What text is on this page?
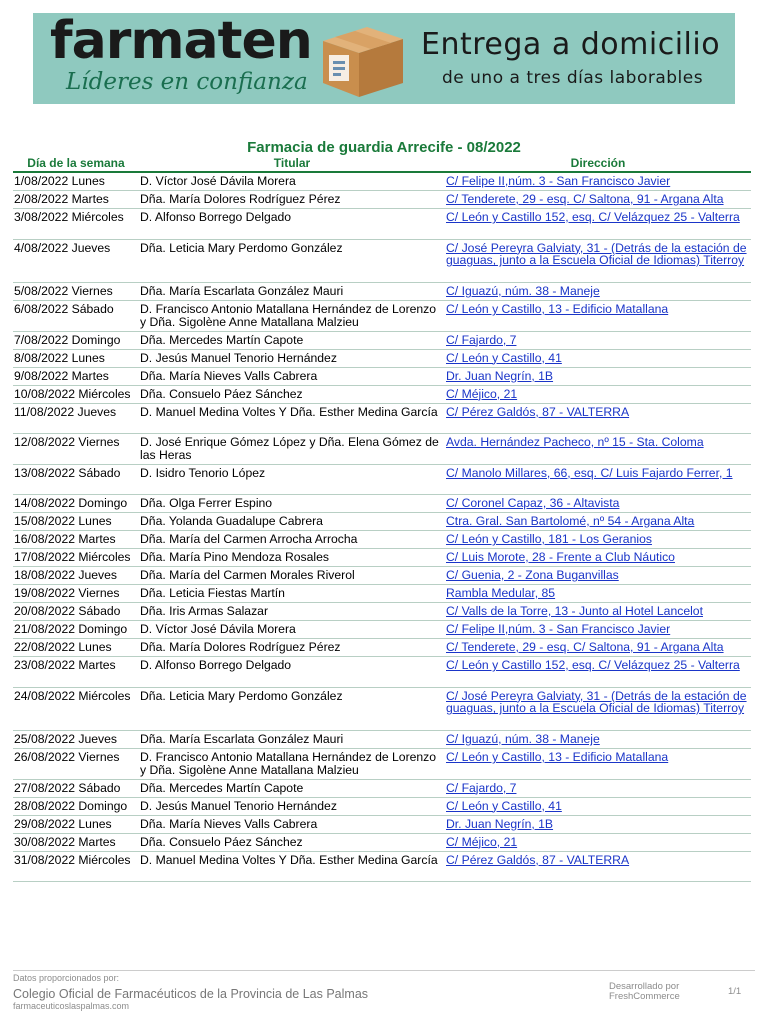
farmaten
Líderes en confianza
Entrega a domicilio
de uno a tres días laborables
Farmacia de guardia Arrecife - 08/2022
Día de la semana	Titular	Dirección
1/08/2022 Lunes	D. Víctor José Dávila Morera	C/ Felipe II,núm. 3 - San Francisco Javier
2/08/2022 Martes	Dña. María Dolores Rodríguez Pérez	C/ Tenderete, 29 - esq. C/ Saltona, 91 - Argana Alta
3/08/2022 Miércoles	D. Alfonso Borrego Delgado	C/ León y Castillo 152, esq. C/ Velázquez 25 - Valterra
4/08/2022 Jueves	Dña. Leticia Mary Perdomo González	C/ José Pereyra Galviaty, 31 - (Detrás de la estación de guaguas, junto a la Escuela Oficial de Idiomas) Titerroy
5/08/2022 Viernes	Dña. María Escarlata González Mauri	C/ Iguazú, núm. 38 - Maneje
6/08/2022 Sábado	D. Francisco Antonio Matallana Hernández de Lorenzo y Dña. Sigolène Anne Matallana Malzieu	C/ León y Castillo, 13 - Edificio Matallana
7/08/2022 Domingo	Dña. Mercedes Martín Capote	C/ Fajardo, 7
8/08/2022 Lunes	D. Jesús Manuel Tenorio Hernández	C/ León y Castillo, 41
9/08/2022 Martes	Dña. María Nieves Valls Cabrera	Dr. Juan Negrín, 1B
10/08/2022 Miércoles	Dña. Consuelo Páez Sánchez	C/ Méjico, 21
11/08/2022 Jueves	D. Manuel Medina Voltes Y Dña. Esther Medina García	C/ Pérez Galdós, 87 - VALTERRA
12/08/2022 Viernes	D. José Enrique Gómez López y Dña. Elena Gómez de las Heras	Avda. Hernández Pacheco, nº 15 - Sta. Coloma
13/08/2022 Sábado	D. Isidro Tenorio López	C/ Manolo Millares, 66, esq. C/ Luis Fajardo Ferrer, 1
14/08/2022 Domingo	Dña. Olga Ferrer Espino	C/ Coronel Capaz, 36 - Altavista
15/08/2022 Lunes	Dña. Yolanda Guadalupe Cabrera	Ctra. Gral. San Bartolomé, nº 54 - Argana Alta
16/08/2022 Martes	Dña. María del Carmen Arrocha Arrocha	C/ León y Castillo, 181 - Los Geranios
17/08/2022 Miércoles	Dña. María Pino Mendoza Rosales	C/ Luis Morote, 28 - Frente a Club Náutico
18/08/2022 Jueves	Dña. María del Carmen Morales Riverol	C/ Guenia, 2 - Zona Buganvillas
19/08/2022 Viernes	Dña. Leticia Fiestas Martín	Rambla Medular, 85
20/08/2022 Sábado	Dña. Iris Armas Salazar	C/ Valls de la Torre, 13 - Junto al Hotel Lancelot
21/08/2022 Domingo	D. Víctor José Dávila Morera	C/ Felipe II,núm. 3 - San Francisco Javier
22/08/2022 Lunes	Dña. María Dolores Rodríguez Pérez	C/ Tenderete, 29 - esq. C/ Saltona, 91 - Argana Alta
23/08/2022 Martes	D. Alfonso Borrego Delgado	C/ León y Castillo 152, esq. C/ Velázquez 25 - Valterra
24/08/2022 Miércoles	Dña. Leticia Mary Perdomo González	C/ José Pereyra Galviaty, 31 - (Detrás de la estación de guaguas, junto a la Escuela Oficial de Idiomas) Titerroy
25/08/2022 Jueves	Dña. María Escarlata González Mauri	C/ Iguazú, núm. 38 - Maneje
26/08/2022 Viernes	D. Francisco Antonio Matallana Hernández de Lorenzo y Dña. Sigolène Anne Matallana Malzieu	C/ León y Castillo, 13 - Edificio Matallana
27/08/2022 Sábado	Dña. Mercedes Martín Capote	C/ Fajardo, 7
28/08/2022 Domingo	D. Jesús Manuel Tenorio Hernández	C/ León y Castillo, 41
29/08/2022 Lunes	Dña. María Nieves Valls Cabrera	Dr. Juan Negrín, 1B
30/08/2022 Martes	Dña. Consuelo Páez Sánchez	C/ Méjico, 21
31/08/2022 Miércoles	D. Manuel Medina Voltes Y Dña. Esther Medina García	C/ Pérez Galdós, 87 - VALTERRA
Datos proporcionados por:
Colegio Oficial de Farmacéuticos de la Provincia de Las Palmas
farmaceuticoslaspalmas.com
Desarrollado por
FreshCommerce	1/1
